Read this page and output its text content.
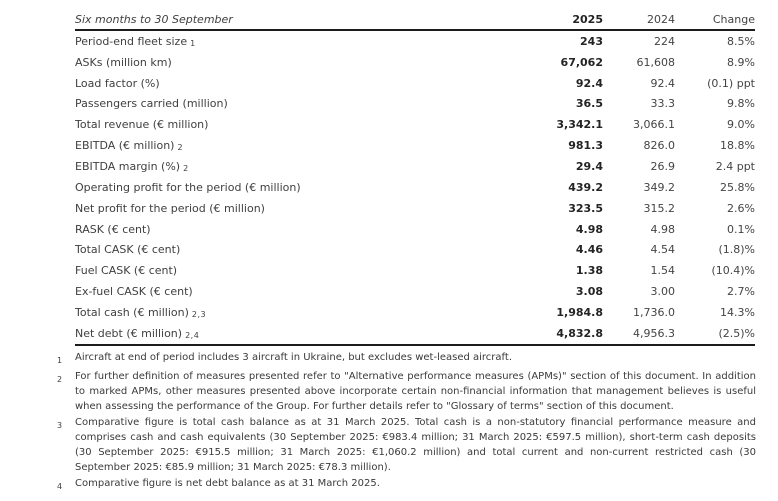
Six months to 30 September	2025	2024	Change
Period-end fleet size 1	243	224	8.5%
ASKs (million km)	67,062	61,608	8.9%
Load factor (%)	92.4	92.4	(0.1) ppt
Passengers carried (million)	36.5	33.3	9.8%
Total revenue (€ million)	3,342.1	3,066.1	9.0%
EBITDA (€ million) 2	981.3	826.0	18.8%
EBITDA margin (%) 2	29.4	26.9	2.4 ppt
Operating profit for the period (€ million)	439.2	349.2	25.8%
Net profit for the period (€ million)	323.5	315.2	2.6%
RASK (€ cent)	4.98	4.98	0.1%
Total CASK (€ cent)	4.46	4.54	(1.8)%
Fuel CASK (€ cent)	1.38	1.54	(10.4)%
Ex-fuel CASK (€ cent)	3.08	3.00	2.7%
Total cash (€ million) 2,3	1,984.8	1,736.0	14.3%
Net debt (€ million) 2,4	4,832.8	4,956.3	(2.5)%
1	Aircraft at end of period includes 3 aircraft in Ukraine, but excludes wet-leased aircraft.
2	For further definition of measures presented refer to "Alternative performance measures (APMs)" section of this document. In addition to marked APMs, other measures presented above incorporate certain non-financial information that management believes is useful when assessing the performance of the Group. For further details refer to "Glossary of terms" section of this document.
3	Comparative figure is total cash balance as at 31 March 2025. Total cash is a non-statutory financial performance measure and comprises cash and cash equivalents (30 September 2025: €983.4 million; 31 March 2025: €597.5 million), short-term cash deposits (30 September 2025: €915.5 million; 31 March 2025: €1,060.2 million) and total current and non-current restricted cash (30 September 2025: €85.9 million; 31 March 2025: €78.3 million).
4	Comparative figure is net debt balance as at 31 March 2025.
